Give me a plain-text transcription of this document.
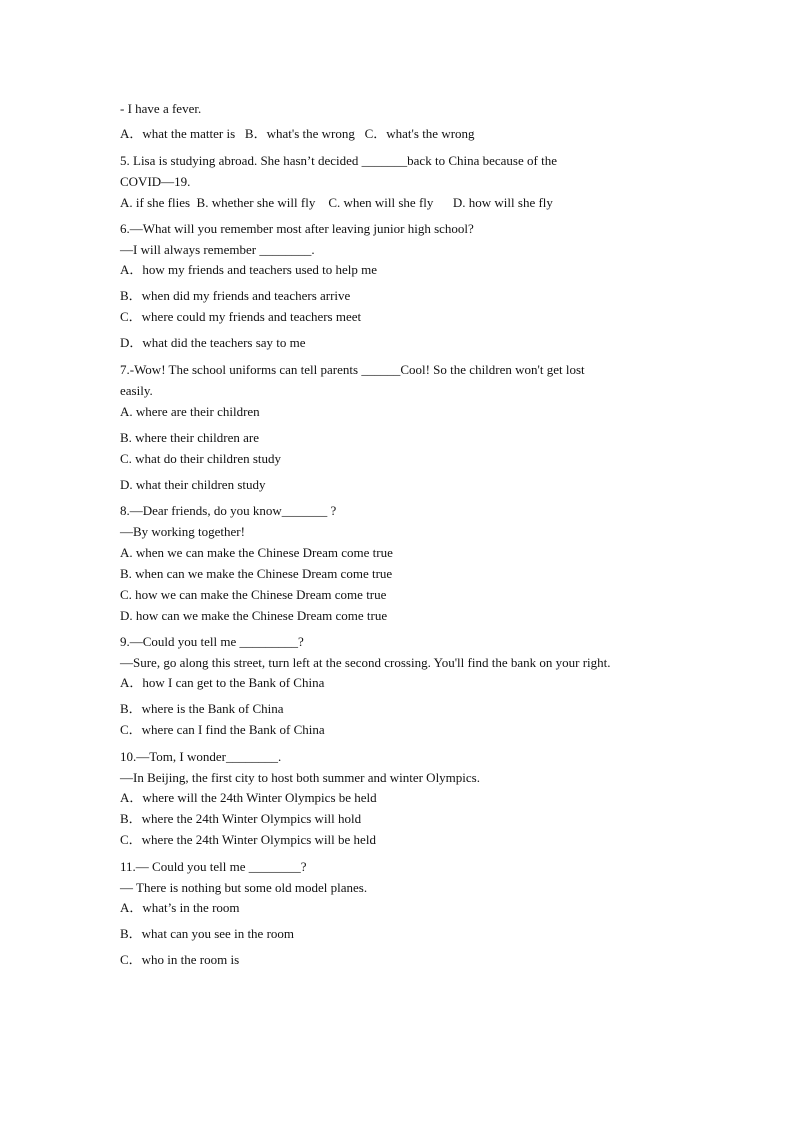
- I have a fever.
A．what the matter is   B．what's the wrong   C．what's the wrong
5. Lisa is studying abroad. She hasn’t decided _______back to China because of the
COVID—19.
A. if she flies  B. whether she will fly    C. when will she fly      D. how will she fly
6.—What will you remember most after leaving junior high school?
—I will always remember ________.
A．how my friends and teachers used to help me
B．when did my friends and teachers arrive
C．where could my friends and teachers meet
D．what did the teachers say to me
7.-Wow! The school uniforms can tell parents ______Cool! So the children won't get lost
easily.
A. where are their children
B. where their children are
C. what do their children study
D. what their children study
8.—Dear friends, do you know_______ ?
—By working together!
A. when we can make the Chinese Dream come true
B. when can we make the Chinese Dream come true
C. how we can make the Chinese Dream come true
D. how can we make the Chinese Dream come true
9.—Could you tell me _________?
—Sure, go along this street, turn left at the second crossing. You'll find the bank on your right.
A．how I can get to the Bank of China
B．where is the Bank of China
C．where can I find the Bank of China
10.—Tom, I wonder________.
—In Beijing, the first city to host both summer and winter Olympics.
A．where will the 24th Winter Olympics be held
B．where the 24th Winter Olympics will hold
C．where the 24th Winter Olympics will be held
11.— Could you tell me ________?
— There is nothing but some old model planes.
A．what’s in the room
B．what can you see in the room
C．who in the room is
